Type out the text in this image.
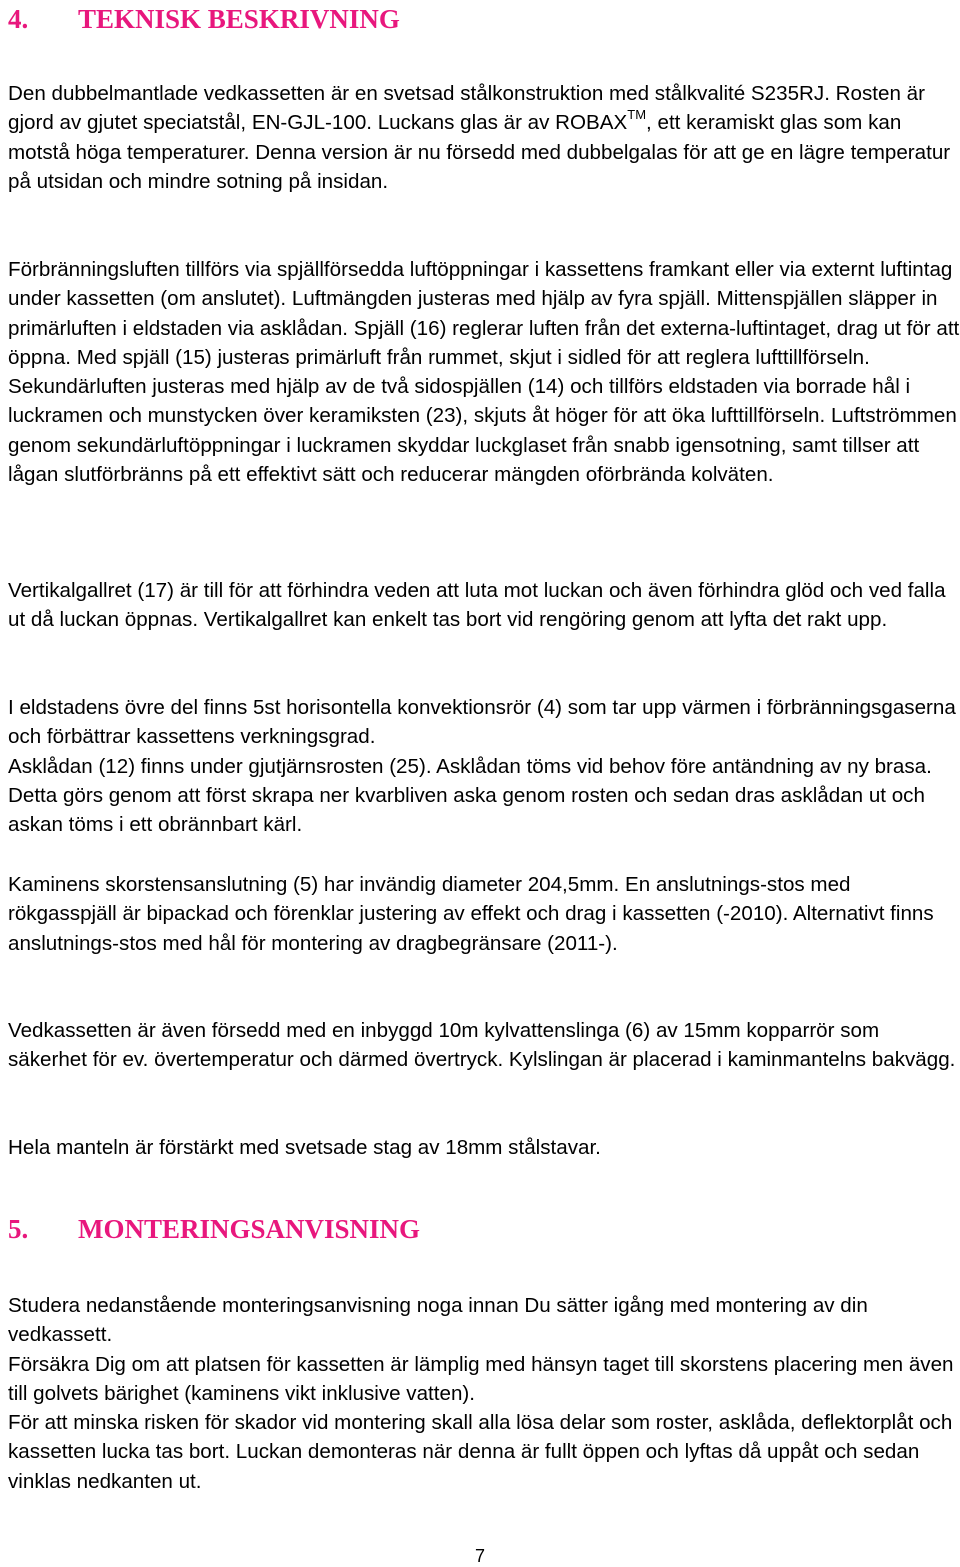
4. TEKNISK BESKRIVNING

Den dubbelmantlade vedkassetten är en svetsad stålkonstruktion med stålkvalité S235RJ. Rosten är gjord av gjutet speciatstål, EN-GJL-100. Luckans glas är av ROBAX™, ett keramiskt glas som kan motstå höga temperaturer. Denna version är nu försedd med dubbelgalas för att ge en lägre temperatur på utsidan och mindre sotning på insidan.

Förbränningsluften tillförs via spjällförsedda luftöppningar i kassettens framkant eller via externt luftintag under kassetten (om anslutet). Luftmängden justeras med hjälp av fyra spjäll. Mittenspjällen släpper in primärluften i eldstaden via asklådan. Spjäll (16) reglerar luften från det externa-luftintaget, drag ut för att öppna. Med spjäll (15) justeras primärluft från rummet, skjut i sidled för att reglera lufttillförseln.

Sekundärluften justeras med hjälp av de två sidospjällen (14) och tillförs eldstaden via borrade hål i luckramen och munstycken över keramiksten (23), skjuts åt höger för att öka lufttillförseln. Luftströmmen genom sekundärluftöppningar i luckramen skyddar luckglaset från snabb igensotning, samt tillser att lågan slutförbränns på ett effektivt sätt och reducerar mängden oförbrända kolväten.

Vertikalgallret (17) är till för att förhindra veden att luta mot luckan och även förhindra glöd och ved falla ut då luckan öppnas. Vertikalgallret kan enkelt tas bort vid rengöring genom att lyfta det rakt upp.

I eldstadens övre del finns 5st horisontella konvektionsrör (4) som tar upp värmen i förbränningsgaserna och förbättrar kassettens verkningsgrad.

Asklådan (12) finns under gjutjärnsrosten (25). Asklådan töms vid behov före antändning av ny brasa. Detta görs genom att först skrapa ner kvarbliven aska genom rosten och sedan dras asklådan ut och askan töms i ett obrännbart kärl.

Kaminens skorstensanslutning (5) har invändig diameter 204,5mm. En anslutnings-stos med rökgasspjäll är bipackad och förenklar justering av effekt och drag i kassetten (-2010). Alternativt finns anslutnings-stos med hål för montering av dragbegränsare (2011-).

Vedkassetten är även försedd med en inbyggd 10m kylvattenslinga (6) av 15mm kopparrör som säkerhet för ev. övertemperatur och därmed övertryck. Kylslingan är placerad i kaminmantelns bakvägg.

Hela manteln är förstärkt med svetsade stag av 18mm stålstavar.

5. MONTERINGSANVISNING

Studera nedanstående monteringsanvisning noga innan Du sätter igång med montering av din vedkassett.

Försäkra Dig om att platsen för kassetten är lämplig med hänsyn taget till skorstens placering men även till golvets bärighet (kaminens vikt inklusive vatten).

För att minska risken för skador vid montering skall alla lösa delar som roster, asklåda, deflektorplåt och kassetten lucka tas bort. Luckan demonteras när denna är fullt öppen och lyftas då uppåt och sedan vinklas nedkanten ut.

7
